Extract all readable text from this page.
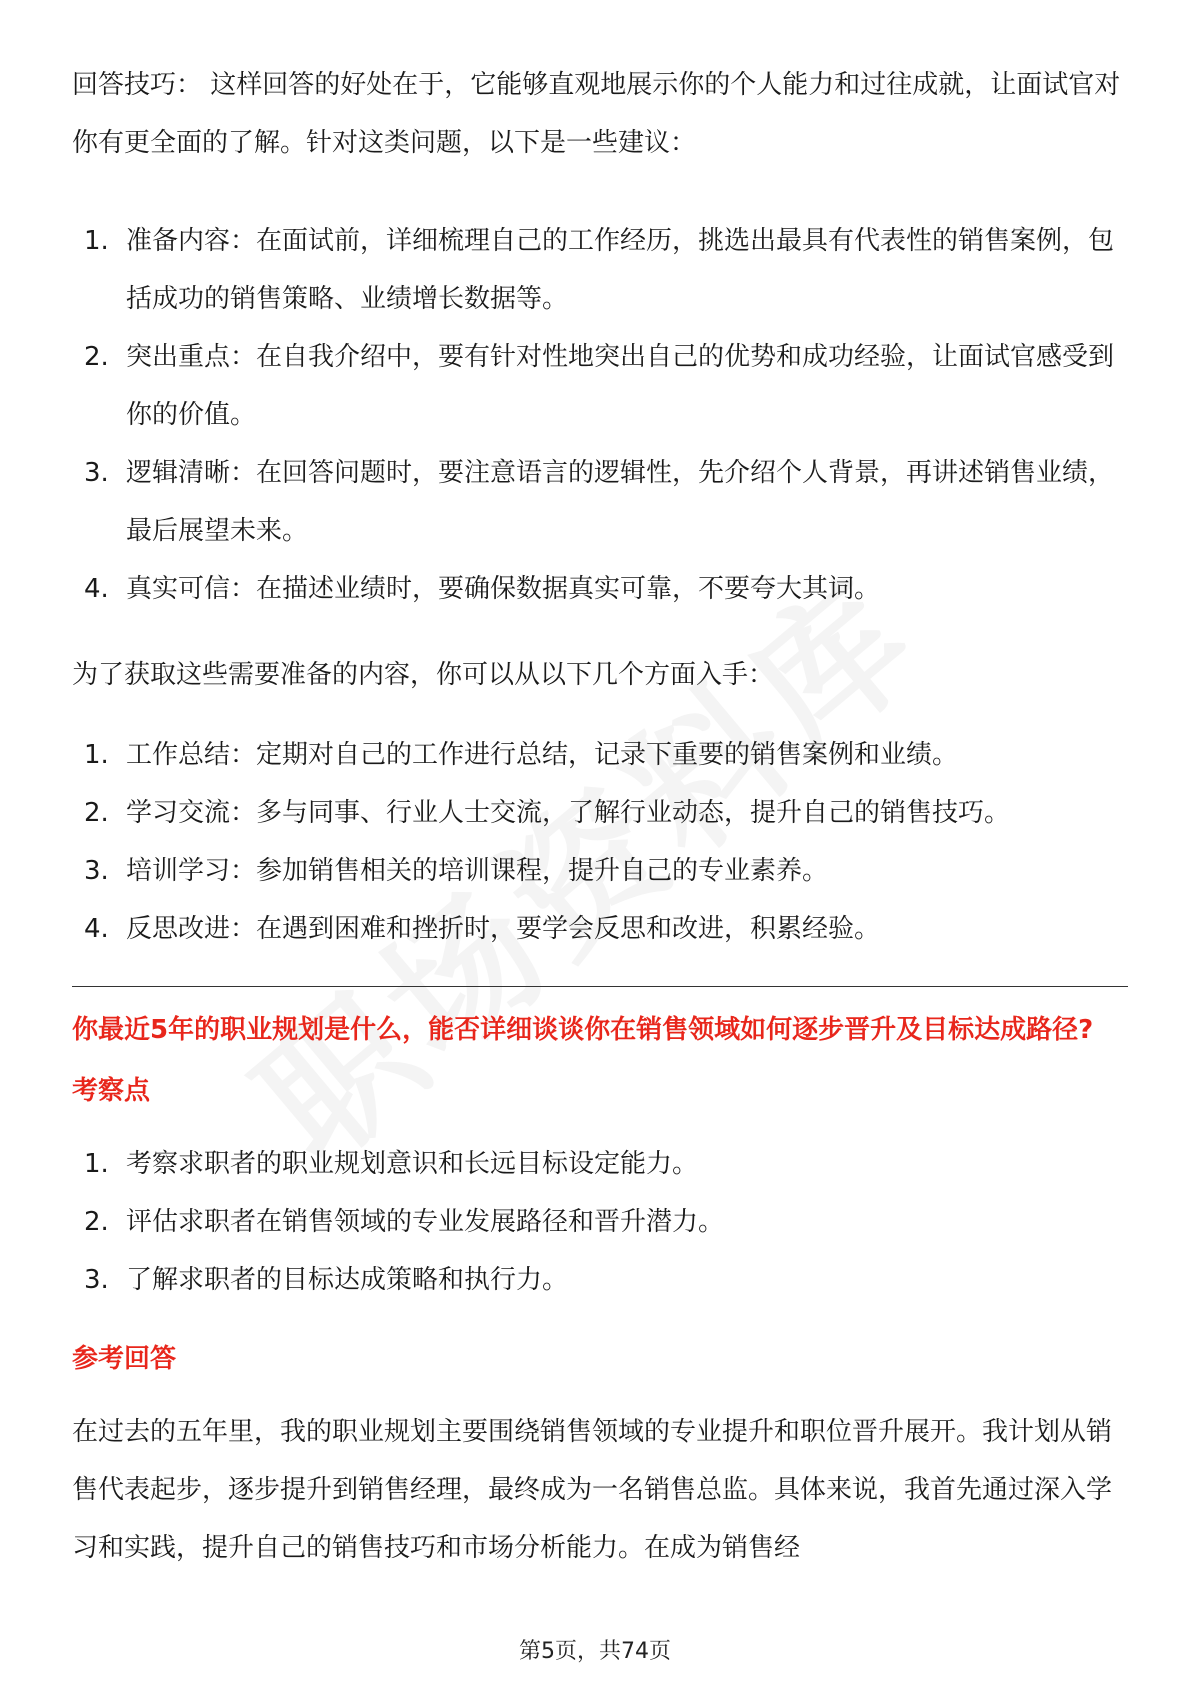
回答技巧： 这样回答的好处在于，它能够直观地展示你的个人能力和过往成就，让面试官对你有更全面的了解。针对这类问题，以下是一些建议：

1. 准备内容：在面试前，详细梳理自己的工作经历，挑选出最具有代表性的销售案例，包括成功的销售策略、业绩增长数据等。
2. 突出重点：在自我介绍中，要有针对性地突出自己的优势和成功经验，让面试官感受到你的价值。
3. 逻辑清晰：在回答问题时，要注意语言的逻辑性，先介绍个人背景，再讲述销售业绩，最后展望未来。
4. 真实可信：在描述业绩时，要确保数据真实可靠，不要夸大其词。

为了获取这些需要准备的内容，你可以从以下几个方面入手：

1. 工作总结：定期对自己的工作进行总结，记录下重要的销售案例和业绩。
2. 学习交流：多与同事、行业人士交流，了解行业动态，提升自己的销售技巧。
3. 培训学习：参加销售相关的培训课程，提升自己的专业素养。
4. 反思改进：在遇到困难和挫折时，要学会反思和改进，积累经验。
你最近5年的职业规划是什么，能否详细谈谈你在销售领域如何逐步晋升及目标达成路径?
考察点
1. 考察求职者的职业规划意识和长远目标设定能力。
2. 评估求职者在销售领域的专业发展路径和晋升潜力。
3. 了解求职者的目标达成策略和执行力。
参考回答

在过去的五年里，我的职业规划主要围绕销售领域的专业提升和职位晋升展开。我计划从销售代表起步，逐步提升到销售经理，最终成为一名销售总监。具体来说，我首先通过深入学习和实践，提升自己的销售技巧和市场分析能力。在成为销售经

第5页，共74页
